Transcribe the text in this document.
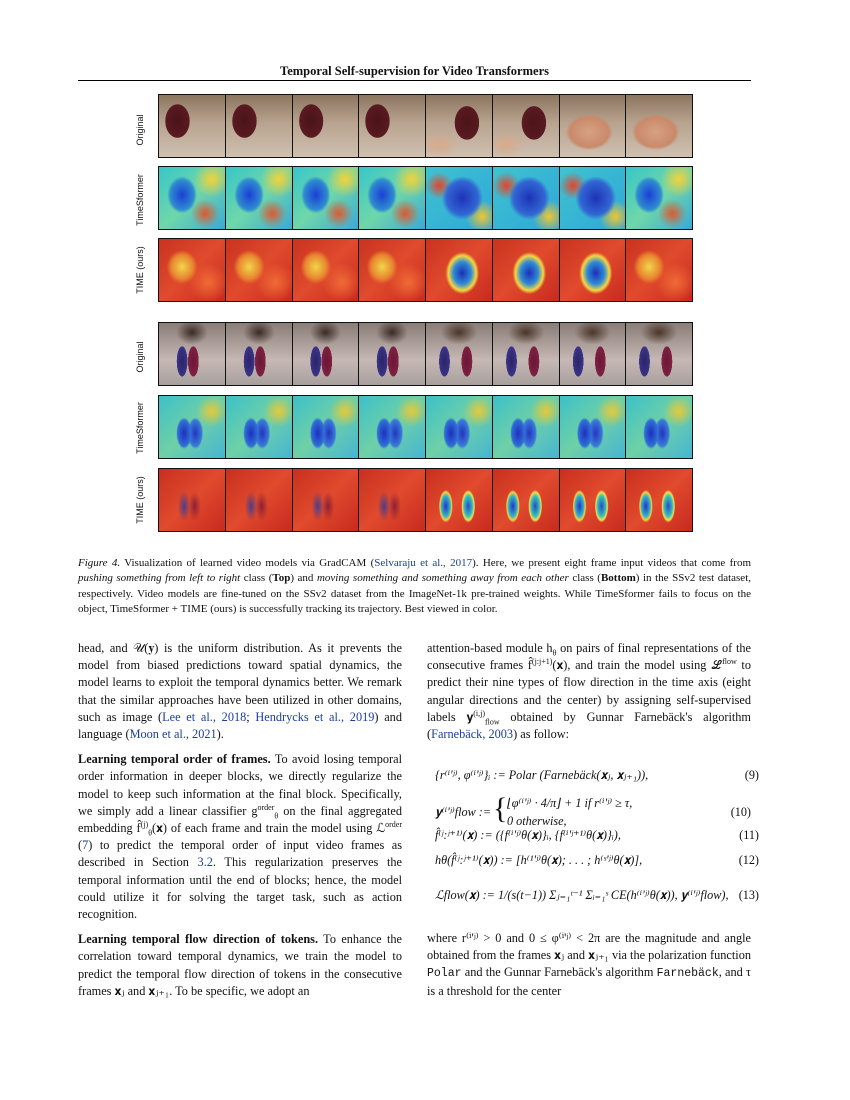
Temporal Self-supervision for Video Transformers
Original
TimeSformer
TIME (ours)
Original
TimeSformer
TIME (ours)
Figure 4. Visualization of learned video models via GradCAM (Selvaraju et al., 2017). Here, we present eight frame input videos that come from pushing something from left to right class (Top) and moving something and something away from each other class (Bottom) in the SSv2 test dataset, respectively. Video models are fine-tuned on the SSv2 dataset from the ImageNet-1k pre-trained weights. While TimeSformer fails to focus on the object, TimeSformer + TIME (ours) is successfully tracking its trajectory. Best viewed in color.

head, and 𝒰(𝐲) is the uniform distribution. As it prevents the model from biased predictions toward spatial dynamics, the model learns to exploit the temporal dynamics better. We remark that the similar approaches have been utilized in other domains, such as image (Lee et al., 2018; Hendrycks et al., 2019) and language (Moon et al., 2021).

Learning temporal order of frames. To avoid losing temporal order information in deeper blocks, we directly regularize the model to keep such information at the final block. Specifically, we simply add a linear classifier $g^{order}_\theta$ on the final aggregated embedding f̂$^{(j)}_\theta$(𝐱) of each frame and train the model using ℒ$^{order}$ (7) to predict the temporal order of input video frames as described in Section 3.2. This regularization preserves the temporal information until the end of blocks; hence, the model could utilize it for solving the target task, such as action recognition.

Learning temporal flow direction of tokens. To enhance the correlation toward temporal dynamics, we train the model to predict the temporal flow direction of tokens in the consecutive frames 𝐱ⱼ and 𝐱ⱼ₊₁. To be specific, we adopt an

attention-based module $h_\theta$ on pairs of final representations of the consecutive frames f̂$^{(j:j+1)}$(𝐱), and train the model using ℒ$^{flow}$ to predict their nine types of flow direction in the time axis (eight angular directions and the center) by assigning self-supervised labels 𝐲$^{(i,j)}_{flow}$ obtained by Gunnar Farnebäck's algorithm (Farnebäck, 2003) as follow:

{r⁽ⁱ'ʲ⁾, φ⁽ⁱ'ʲ⁾}ᵢ := Polar (Farnebäck(𝐱ⱼ, 𝐱ⱼ₊₁)),	(9)
𝐲⁽ⁱ'ʲ⁾flow := { ⌊φ⁽ⁱ'ʲ⁾ · 4/π⌋ + 1 if r⁽ⁱ'ʲ⁾ ≥ τ,
0 otherwise,
(10)
f̂⁽ʲ:ʲ⁺¹⁾(𝐱) := ({f⁽ⁱ'ʲ⁾θ(𝐱)}ᵢ, {f⁽ⁱ'ʲ⁺¹⁾θ(𝐱)}ᵢ),	(11)
hθ(f̂⁽ʲ:ʲ⁺¹⁾(𝐱)) := [h⁽¹'ʲ⁾θ(𝐱); . . . ; h⁽ˢ'ʲ⁾θ(𝐱)],	(12)
ℒflow(𝐱) := 1/(s(t−1)) Σⱼ₌₁ᵗ⁻¹ Σᵢ₌₁ˢ CE(h⁽ⁱ'ʲ⁾θ(𝐱)), 𝐲⁽ⁱ'ʲ⁾flow), (13)

where r⁽ⁱ'ʲ⁾ > 0 and 0 ≤ φ⁽ⁱ'ʲ⁾ < 2π are the magnitude and angle obtained from the frames 𝐱ⱼ and 𝐱ⱼ₊₁ via the polarization function Polar and the Gunnar Farnebäck's algorithm Farnebäck, and τ is a threshold for the center
